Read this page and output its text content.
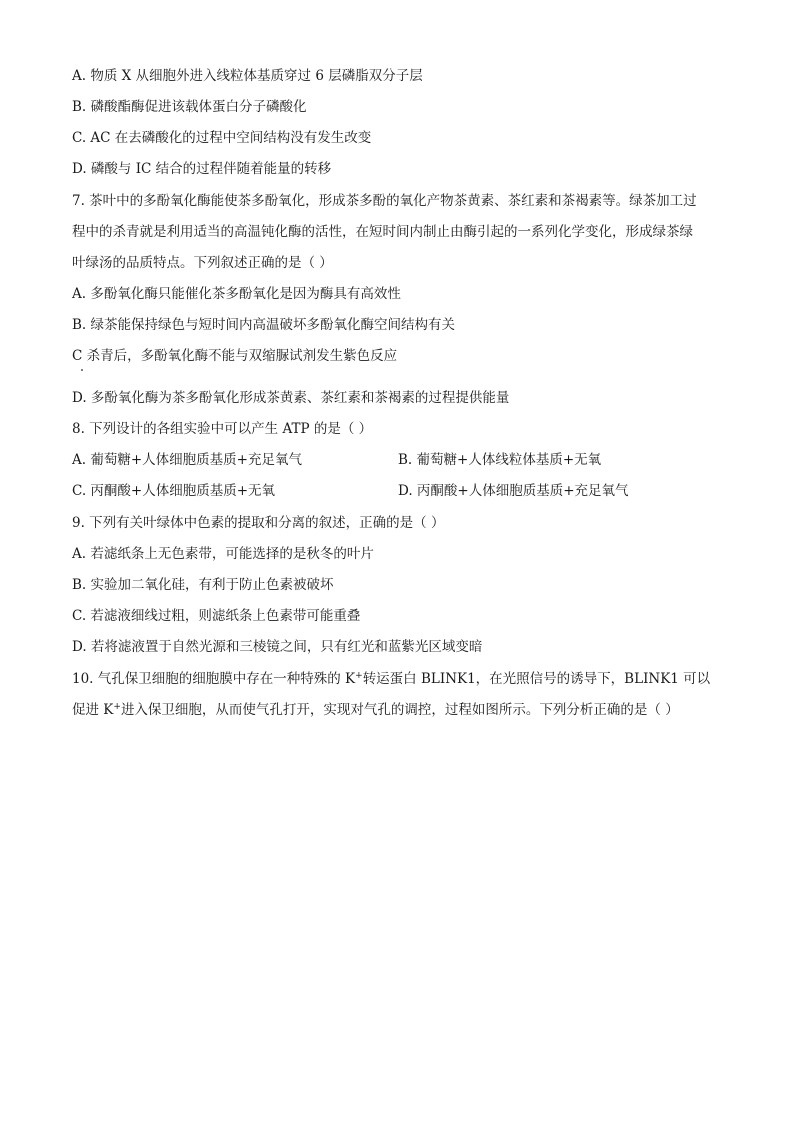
A. 物质 X 从细胞外进入线粒体基质穿过 6 层磷脂双分子层
B. 磷酸酯酶促进该载体蛋白分子磷酸化
C. AC 在去磷酸化的过程中空间结构没有发生改变
D. 磷酸与 IC 结合的过程伴随着能量的转移
7. 茶叶中的多酚氧化酶能使茶多酚氧化，形成茶多酚的氧化产物茶黄素、茶红素和茶褐素等。绿茶加工过
程中的杀青就是利用适当的高温钝化酶的活性，在短时间内制止由酶引起的一系列化学变化，形成绿茶绿
叶绿汤的品质特点。下列叙述正确的是（ ）
A. 多酚氧化酶只能催化茶多酚氧化是因为酶具有高效性
B. 绿茶能保持绿色与短时间内高温破坏多酚氧化酶空间结构有关
C 杀青后，多酚氧化酶不能与双缩脲试剂发生紫色反应
D. 多酚氧化酶为茶多酚氧化形成茶黄素、茶红素和茶褐素的过程提供能量
8. 下列设计的各组实验中可以产生 ATP 的是（ ）
A. 葡萄糖+人体细胞质基质+充足氧气	B. 葡萄糖+人体线粒体基质+无氧
C. 丙酮酸+人体细胞质基质+无氧	D. 丙酮酸+人体细胞质基质+充足氧气
9. 下列有关叶绿体中色素的提取和分离的叙述，正确的是（ ）
A. 若滤纸条上无色素带，可能选择的是秋冬的叶片
B. 实验加二氧化硅，有利于防止色素被破坏
C. 若滤液细线过粗，则滤纸条上色素带可能重叠
D. 若将滤液置于自然光源和三棱镜之间，只有红光和蓝紫光区域变暗
10. 气孔保卫细胞的细胞膜中存在一种特殊的 K+转运蛋白 BLINK1，在光照信号的诱导下，BLINK1 可以
促进 K+进入保卫细胞，从而使气孔打开，实现对气孔的调控，过程如图所示。下列分析正确的是（ ）
